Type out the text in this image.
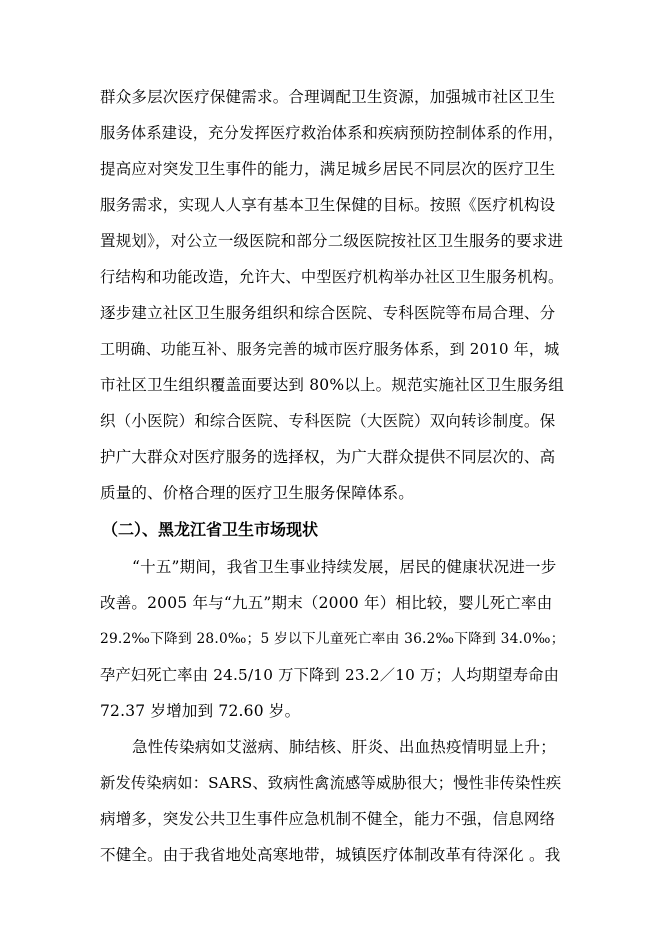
群众多层次医疗保健需求。合理调配卫生资源，加强城市社区卫生
服务体系建设，充分发挥医疗救治体系和疾病预防控制体系的作用，
提高应对突发卫生事件的能力，满足城乡居民不同层次的医疗卫生
服务需求，实现人人享有基本卫生保健的目标。按照《医疗机构设
置规划》，对公立一级医院和部分二级医院按社区卫生服务的要求进
行结构和功能改造，允许大、中型医疗机构举办社区卫生服务机构。
逐步建立社区卫生服务组织和综合医院、专科医院等布局合理、分
工明确、功能互补、服务完善的城市医疗服务体系，到 2010 年，城
市社区卫生组织覆盖面要达到 80%以上。规范实施社区卫生服务组
织（小医院）和综合医院、专科医院（大医院）双向转诊制度。保
护广大群众对医疗服务的选择权，为广大群众提供不同层次的、高
质量的、价格合理的医疗卫生服务保障体系。
（二）、黑龙江省卫生市场现状
“十五”期间，我省卫生事业持续发展，居民的健康状况进一步
改善。2005 年与“九五”期末（2000 年）相比较，婴儿死亡率由
29.2‰下降到 28.0‰；5 岁以下儿童死亡率由 36.2‰下降到 34.0‰；
孕产妇死亡率由 24.5/10 万下降到 23.2／10 万；人均期望寿命由
72.37 岁增加到 72.60 岁。
急性传染病如艾滋病、肺结核、肝炎、出血热疫情明显上升；
新发传染病如：SARS、致病性禽流感等威胁很大；慢性非传染性疾
病增多，突发公共卫生事件应急机制不健全，能力不强，信息网络
不健全。由于我省地处高寒地带，城镇医疗体制改革有待深化 。我
